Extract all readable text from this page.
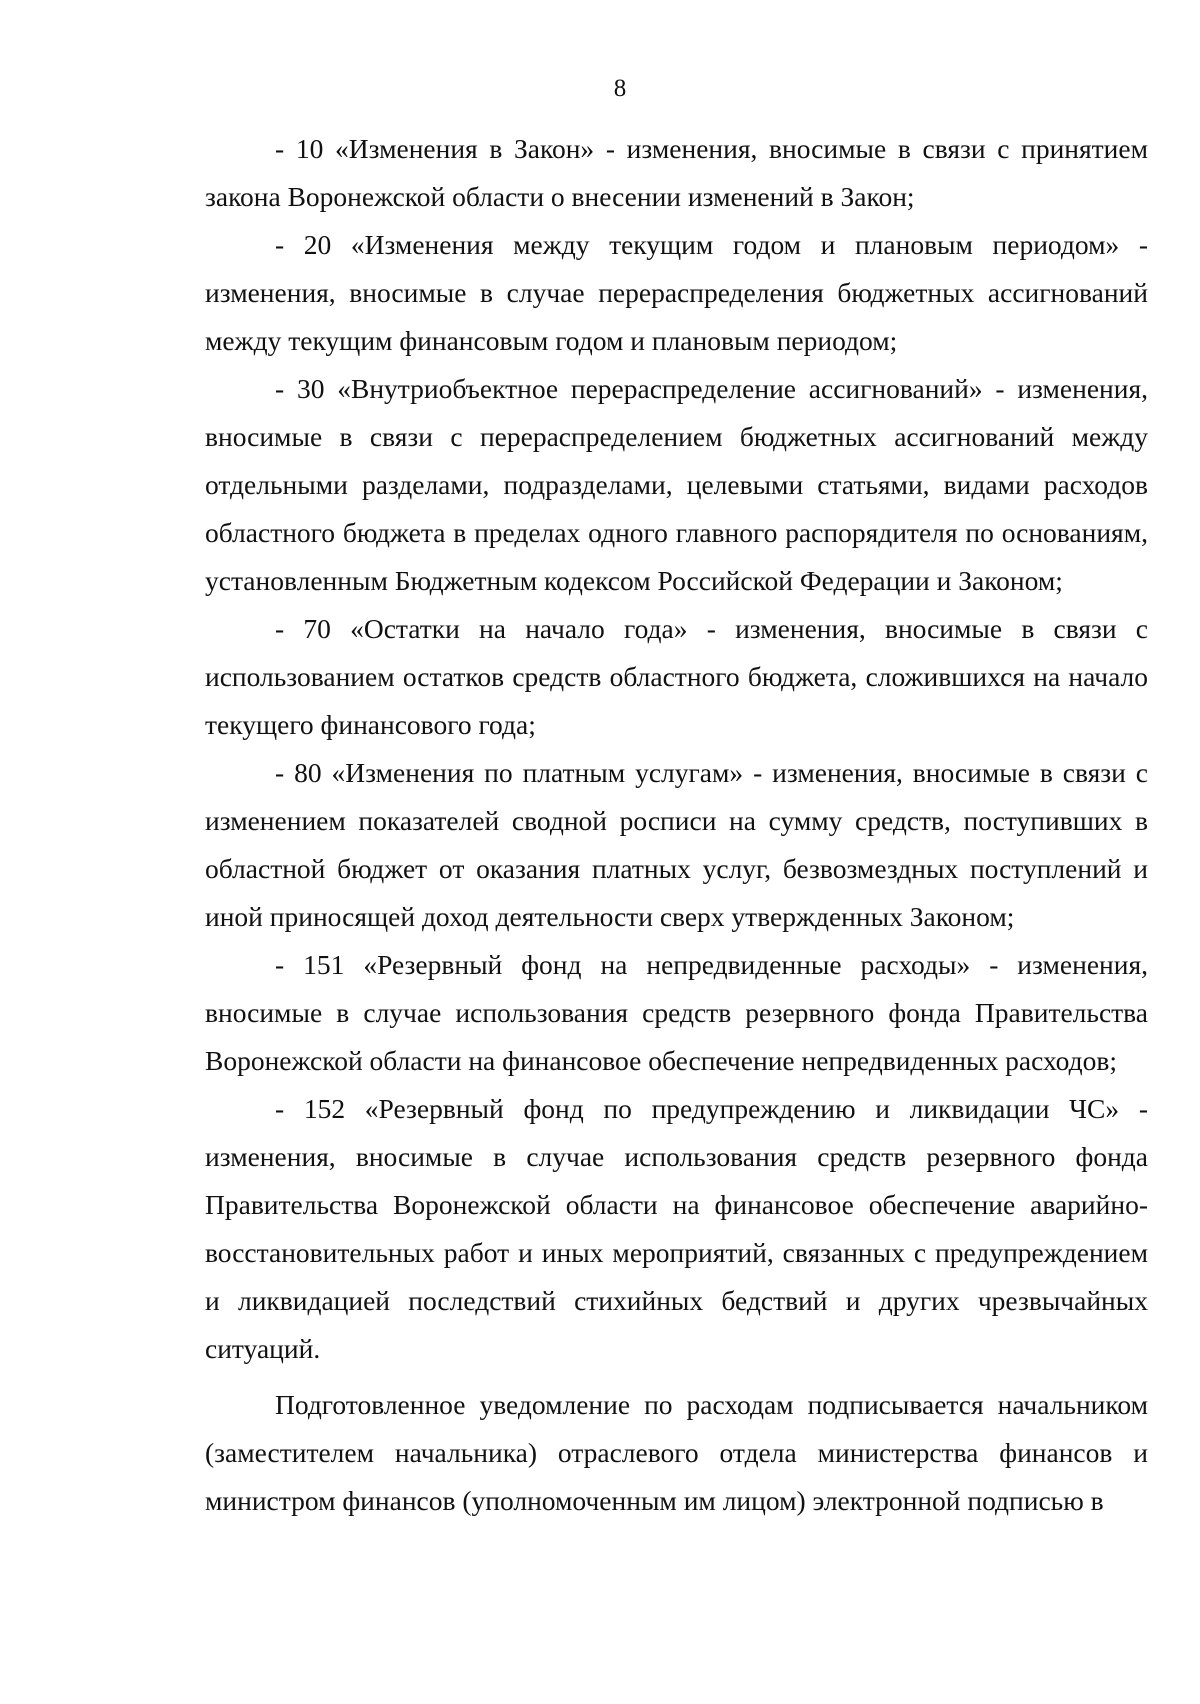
8

- 10 «Изменения в Закон» - изменения, вносимые в связи с принятием закона Воронежской области о внесении изменений в Закон;

- 20 «Изменения между текущим годом и плановым периодом» - изменения, вносимые в случае перераспределения бюджетных ассигнований между текущим финансовым годом и плановым периодом;

- 30 «Внутриобъектное перераспределение ассигнований» - изменения, вносимые в связи с перераспределением бюджетных ассигнований между отдельными разделами, подразделами, целевыми статьями, видами расходов областного бюджета в пределах одного главного распорядителя по основаниям, установленным Бюджетным кодексом Российской Федерации и Законом;

- 70 «Остатки на начало года» - изменения, вносимые в связи с использованием остатков средств областного бюджета, сложившихся на начало текущего финансового года;

- 80 «Изменения по платным услугам» - изменения, вносимые в связи с изменением показателей сводной росписи на сумму средств, поступивших в областной бюджет от оказания платных услуг, безвозмездных поступлений и иной приносящей доход деятельности сверх утвержденных Законом;

- 151 «Резервный фонд на непредвиденные расходы» - изменения, вносимые в случае использования средств резервного фонда Правительства Воронежской области на финансовое обеспечение непредвиденных расходов;

- 152 «Резервный фонд по предупреждению и ликвидации ЧС» - изменения, вносимые в случае использования средств резервного фонда Правительства Воронежской области на финансовое обеспечение аварийно-восстановительных работ и иных мероприятий, связанных с предупреждением и ликвидацией последствий стихийных бедствий и других чрезвычайных ситуаций.

Подготовленное уведомление по расходам подписывается начальником (заместителем начальника) отраслевого отдела министерства финансов и министром финансов (уполномоченным им лицом) электронной подписью в
